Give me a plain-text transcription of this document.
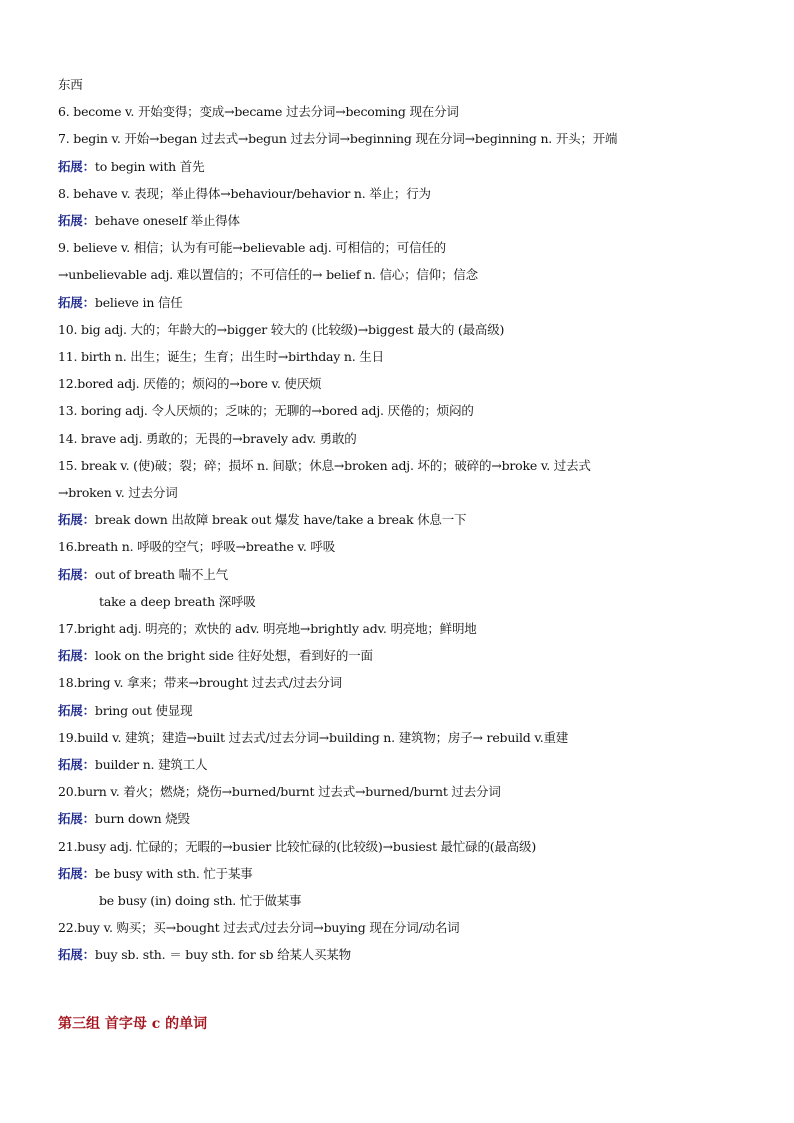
东西
6. become v. 开始变得；变成→became 过去分词→becoming 现在分词
7. begin v. 开始→began 过去式→begun 过去分词→beginning 现在分词→beginning n. 开头；开端
拓展：to begin with 首先
8. behave v. 表现；举止得体→behaviour/behavior n. 举止；行为
拓展：behave oneself 举止得体
9. believe v. 相信；认为有可能→believable adj. 可相信的；可信任的
→unbelievable adj. 难以置信的；不可信任的→ belief n. 信心；信仰；信念
拓展：believe in 信任
10. big adj. 大的；年龄大的→bigger 较大的 (比较级)→biggest 最大的 (最高级)
11. birth n. 出生；诞生；生育；出生时→birthday n. 生日
12.bored adj. 厌倦的；烦闷的→bore v. 使厌烦
13. boring adj. 令人厌烦的；乏味的；无聊的→bored adj. 厌倦的；烦闷的
14. brave adj. 勇敢的；无畏的→bravely adv. 勇敢的
15. break v. (使)破；裂；碎；损坏 n. 间歇；休息→broken adj. 坏的；破碎的→broke v. 过去式
→broken v. 过去分词
拓展：break down 出故障 break out 爆发 have/take a break 休息一下
16.breath n. 呼吸的空气；呼吸→breathe v. 呼吸
拓展：out of breath 喘不上气
take a deep breath 深呼吸
17.bright adj. 明亮的；欢快的 adv. 明亮地→brightly adv. 明亮地；鲜明地
拓展：look on the bright side 往好处想，看到好的一面
18.bring v. 拿来；带来→brought 过去式/过去分词
拓展：bring out 使显现
19.build v. 建筑；建造→built 过去式/过去分词→building n. 建筑物；房子→ rebuild v.重建
拓展：builder n. 建筑工人
20.burn v. 着火；燃烧；烧伤→burned/burnt 过去式→burned/burnt 过去分词
拓展：burn down 烧毁
21.busy adj. 忙碌的；无暇的→busier 比较忙碌的(比较级)→busiest 最忙碌的(最高级)
拓展：be busy with sth. 忙于某事
be busy (in) doing sth. 忙于做某事
22.buy v. 购买；买→bought 过去式/过去分词→buying 现在分词/动名词
拓展：buy sb. sth. ＝ buy sth. for sb 给某人买某物
第三组 首字母 c 的单词
